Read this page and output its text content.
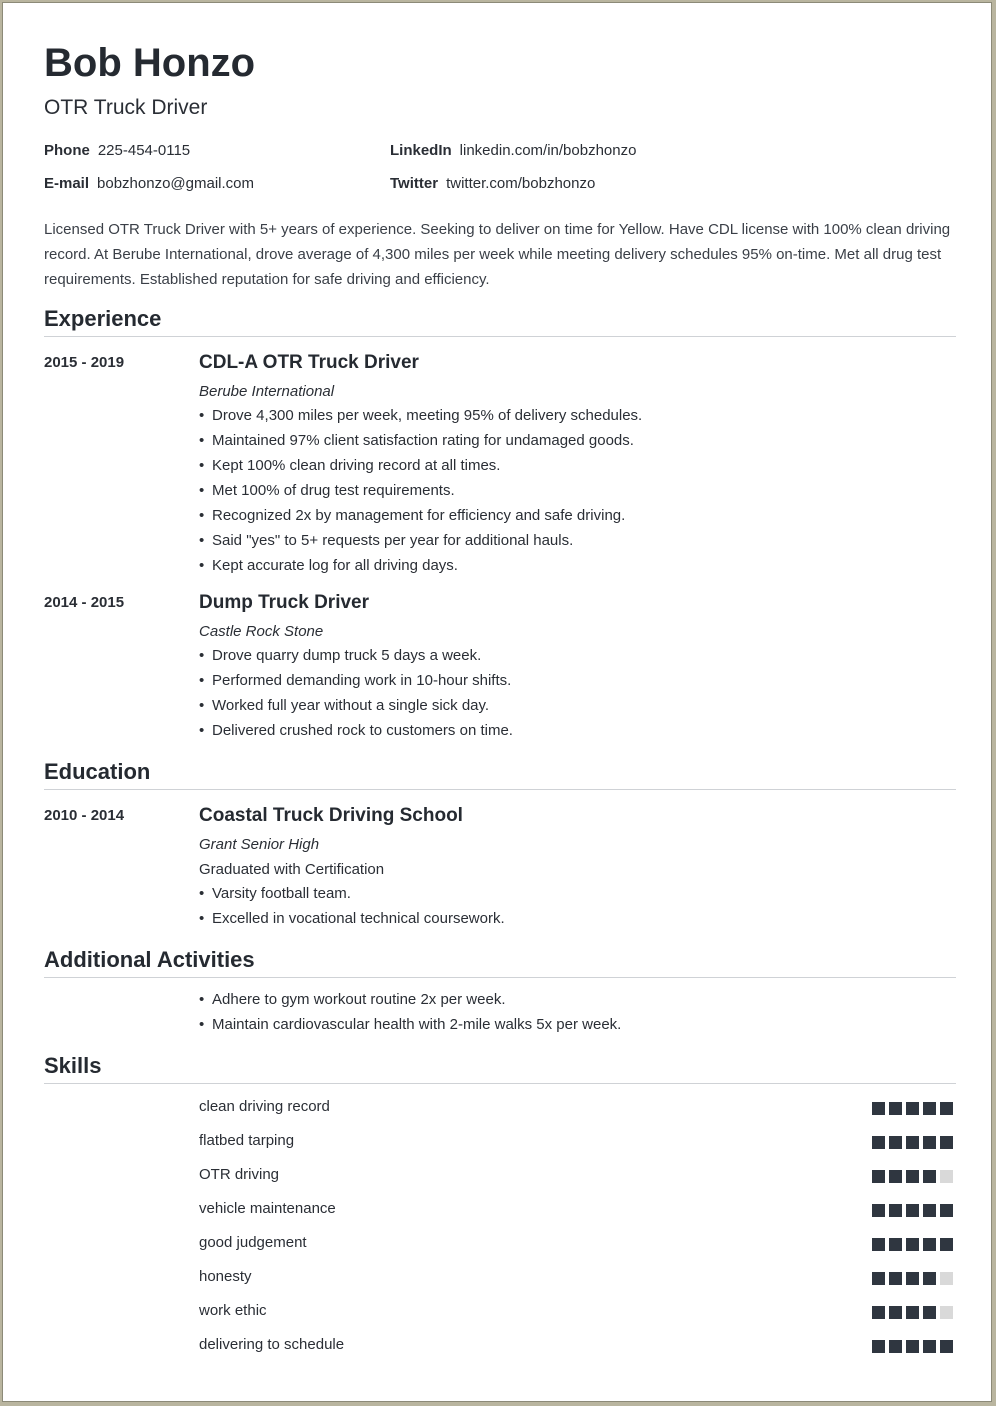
Bob Honzo
OTR Truck Driver
Phone 225-454-0115
E-mail bobzhonzo@gmail.com
LinkedIn linkedin.com/in/bobzhonzo
Twitter twitter.com/bobzhonzo
Licensed OTR Truck Driver with 5+ years of experience. Seeking to deliver on time for Yellow. Have CDL license with 100% clean driving record. At Berube International, drove average of 4,300 miles per week while meeting delivery schedules 95% on-time. Met all drug test requirements. Established reputation for safe driving and efficiency.
Experience
2015 - 2019	CDL-A OTR Truck Driver
Berube International
• Drove 4,300 miles per week, meeting 95% of delivery schedules.
• Maintained 97% client satisfaction rating for undamaged goods.
• Kept 100% clean driving record at all times.
• Met 100% of drug test requirements.
• Recognized 2x by management for efficiency and safe driving.
• Said "yes" to 5+ requests per year for additional hauls.
• Kept accurate log for all driving days.
2014 - 2015	Dump Truck Driver
Castle Rock Stone
• Drove quarry dump truck 5 days a week.
• Performed demanding work in 10-hour shifts.
• Worked full year without a single sick day.
• Delivered crushed rock to customers on time.
Education
2010 - 2014	Coastal Truck Driving School
Grant Senior High
Graduated with Certification
• Varsity football team.
• Excelled in vocational technical coursework.
Additional Activities
• Adhere to gym workout routine 2x per week.
• Maintain cardiovascular health with 2-mile walks 5x per week.
Skills
clean driving record
flatbed tarping
OTR driving
vehicle maintenance
good judgement
honesty
work ethic
delivering to schedule
